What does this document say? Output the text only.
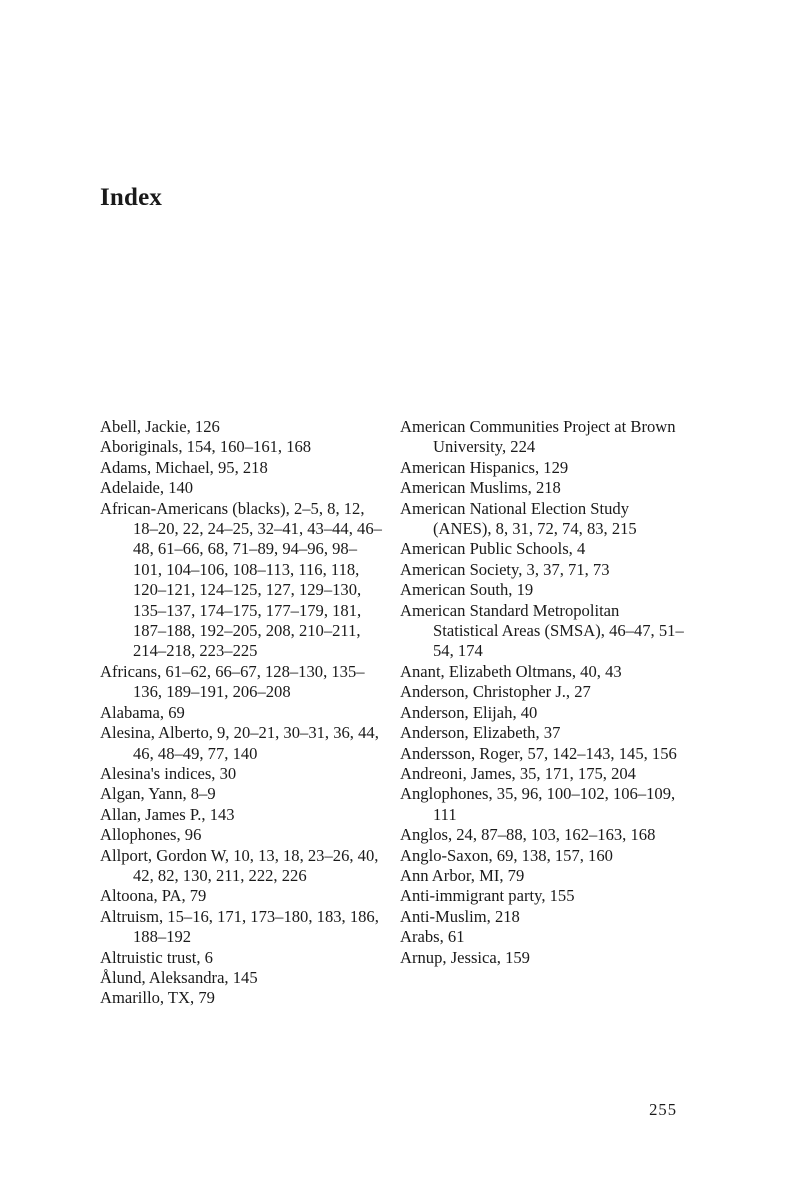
Index
Abell, Jackie, 126
Aboriginals, 154, 160–161, 168
Adams, Michael, 95, 218
Adelaide, 140
African-Americans (blacks), 2–5, 8, 12, 18–20, 22, 24–25, 32–41, 43–44, 46–48, 61–66, 68, 71–89, 94–96, 98–101, 104–106, 108–113, 116, 118, 120–121, 124–125, 127, 129–130, 135–137, 174–175, 177–179, 181, 187–188, 192–205, 208, 210–211, 214–218, 223–225
Africans, 61–62, 66–67, 128–130, 135–136, 189–191, 206–208
Alabama, 69
Alesina, Alberto, 9, 20–21, 30–31, 36, 44, 46, 48–49, 77, 140
Alesina's indices, 30
Algan, Yann, 8–9
Allan, James P., 143
Allophones, 96
Allport, Gordon W, 10, 13, 18, 23–26, 40, 42, 82, 130, 211, 222, 226
Altoona, PA, 79
Altruism, 15–16, 171, 173–180, 183, 186, 188–192
Altruistic trust, 6
Ålund, Aleksandra, 145
Amarillo, TX, 79
American Communities Project at Brown University, 224
American Hispanics, 129
American Muslims, 218
American National Election Study (ANES), 8, 31, 72, 74, 83, 215
American Public Schools, 4
American Society, 3, 37, 71, 73
American South, 19
American Standard Metropolitan Statistical Areas (SMSA), 46–47, 51–54, 174
Anant, Elizabeth Oltmans, 40, 43
Anderson, Christopher J., 27
Anderson, Elijah, 40
Anderson, Elizabeth, 37
Andersson, Roger, 57, 142–143, 145, 156
Andreoni, James, 35, 171, 175, 204
Anglophones, 35, 96, 100–102, 106–109, 111
Anglos, 24, 87–88, 103, 162–163, 168
Anglo-Saxon, 69, 138, 157, 160
Ann Arbor, MI, 79
Anti-immigrant party, 155
Anti-Muslim, 218
Arabs, 61
Arnup, Jessica, 159
255
